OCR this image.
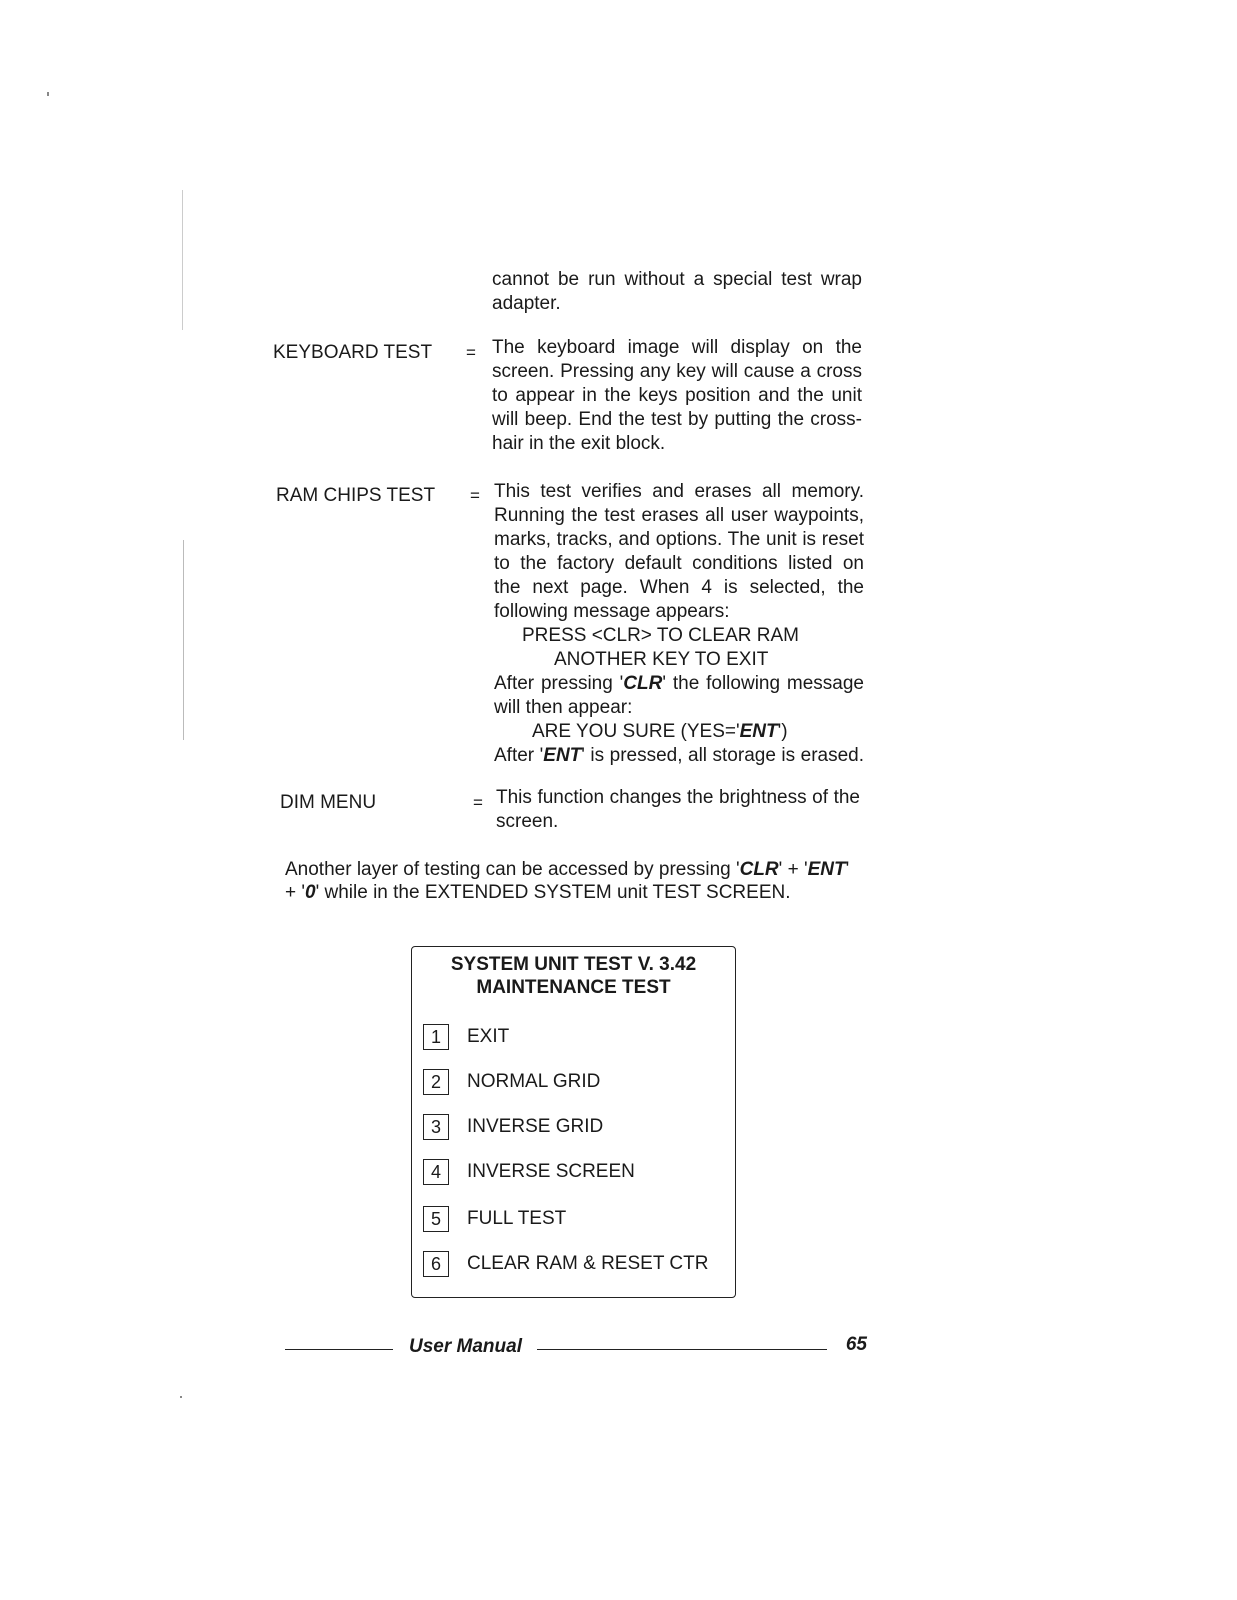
cannot be run without a special test wrap
adapter.
KEYBOARD TEST = The keyboard image will display on the
screen. Pressing any key will cause a cross
to appear in the keys position and the unit
will beep. End the test by putting the cross-
hair in the exit block.
RAM CHIPS TEST = This test verifies and erases all memory.
Running the test erases all user waypoints,
marks, tracks, and options. The unit is reset
to the factory default conditions listed on
the next page. When 4 is selected, the
following message appears:
PRESS <CLR> TO CLEAR RAM
ANOTHER KEY TO EXIT
After pressing 'CLR' the following message
will then appear:
ARE YOU SURE (YES='ENT')
After 'ENT' is pressed, all storage is erased.
DIM MENU	= This function changes the brightness of the
screen.
Another layer of testing can be accessed by pressing 'CLR' + 'ENT'
+ '0' while in the EXTENDED SYSTEM unit TEST SCREEN.
SYSTEM UNIT TEST V. 3.42
MAINTENANCE TEST
1	EXIT
2	NORMAL GRID
3	INVERSE GRID
4	INVERSE SCREEN
5	FULL TEST
6	CLEAR RAM & RESET CTR
User Manual	65
